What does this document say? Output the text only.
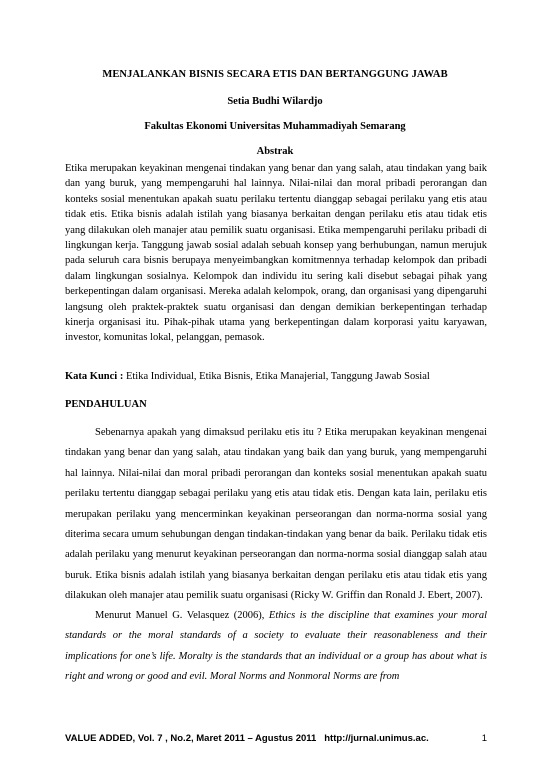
MENJALANKAN BISNIS SECARA ETIS DAN BERTANGGUNG JAWAB
Setia Budhi Wilardjo
Fakultas Ekonomi Universitas Muhammadiyah Semarang
Abstrak

Etika merupakan keyakinan mengenai tindakan yang benar dan yang salah, atau tindakan yang baik dan yang buruk, yang mempengaruhi hal lainnya. Nilai-nilai dan moral pribadi perorangan dan konteks sosial menentukan apakah suatu perilaku tertentu dianggap sebagai perilaku yang etis atau tidak etis. Etika bisnis adalah istilah yang biasanya berkaitan dengan perilaku etis atau tidak etis yang dilakukan oleh manajer atau pemilik suatu organisasi. Etika mempengaruhi perilaku pribadi di lingkungan kerja. Tanggung jawab sosial adalah sebuah konsep yang berhubungan, namun merujuk pada seluruh cara bisnis berupaya menyeimbangkan komitmennya terhadap kelompok dan pribadi dalam lingkungan sosialnya. Kelompok dan individu itu sering kali disebut sebagai pihak yang berkepentingan dalam organisasi. Mereka adalah kelompok, orang, dan organisasi yang dipengaruhi langsung oleh praktek-praktek suatu organisasi dan dengan demikian berkepentingan terhadap kinerja organisasi itu. Pihak-pihak utama yang berkepentingan dalam korporasi yaitu karyawan, investor, komunitas lokal, pelanggan, pemasok.

Kata Kunci : Etika Individual, Etika Bisnis, Etika Manajerial, Tanggung Jawab Sosial

PENDAHULUAN

Sebenarnya apakah yang dimaksud perilaku etis itu ? Etika merupakan keyakinan mengenai tindakan yang benar dan yang salah, atau tindakan yang baik dan yang buruk, yang mempengaruhi hal lainnya. Nilai-nilai dan moral pribadi perorangan dan konteks sosial menentukan apakah suatu perilaku tertentu dianggap sebagai perilaku yang etis atau tidak etis. Dengan kata lain, perilaku etis merupakan perilaku yang mencerminkan keyakinan perseorangan dan norma-norma sosial yang diterima secara umum sehubungan dengan tindakan-tindakan yang benar da baik. Perilaku tidak etis adalah perilaku yang menurut keyakinan perseorangan dan norma-norma sosial dianggap salah atau buruk. Etika bisnis adalah istilah yang biasanya berkaitan dengan perilaku etis atau tidak etis yang dilakukan oleh manajer atau pemilik suatu organisasi (Ricky W. Griffin dan Ronald J. Ebert, 2007).

Menurut Manuel G. Velasquez (2006), Ethics is the discipline that examines your moral standards or the moral standards of a society to evaluate their reasonableness and their implications for one’s life. Moralty is the standards that an individual or a group has about what is right and wrong or good and evil. Moral Norms and Nonmoral Norms are from

VALUE ADDED, Vol. 7 , No.2, Maret 2011 – Agustus 2011 http://jurnal.unimus.ac.	1
